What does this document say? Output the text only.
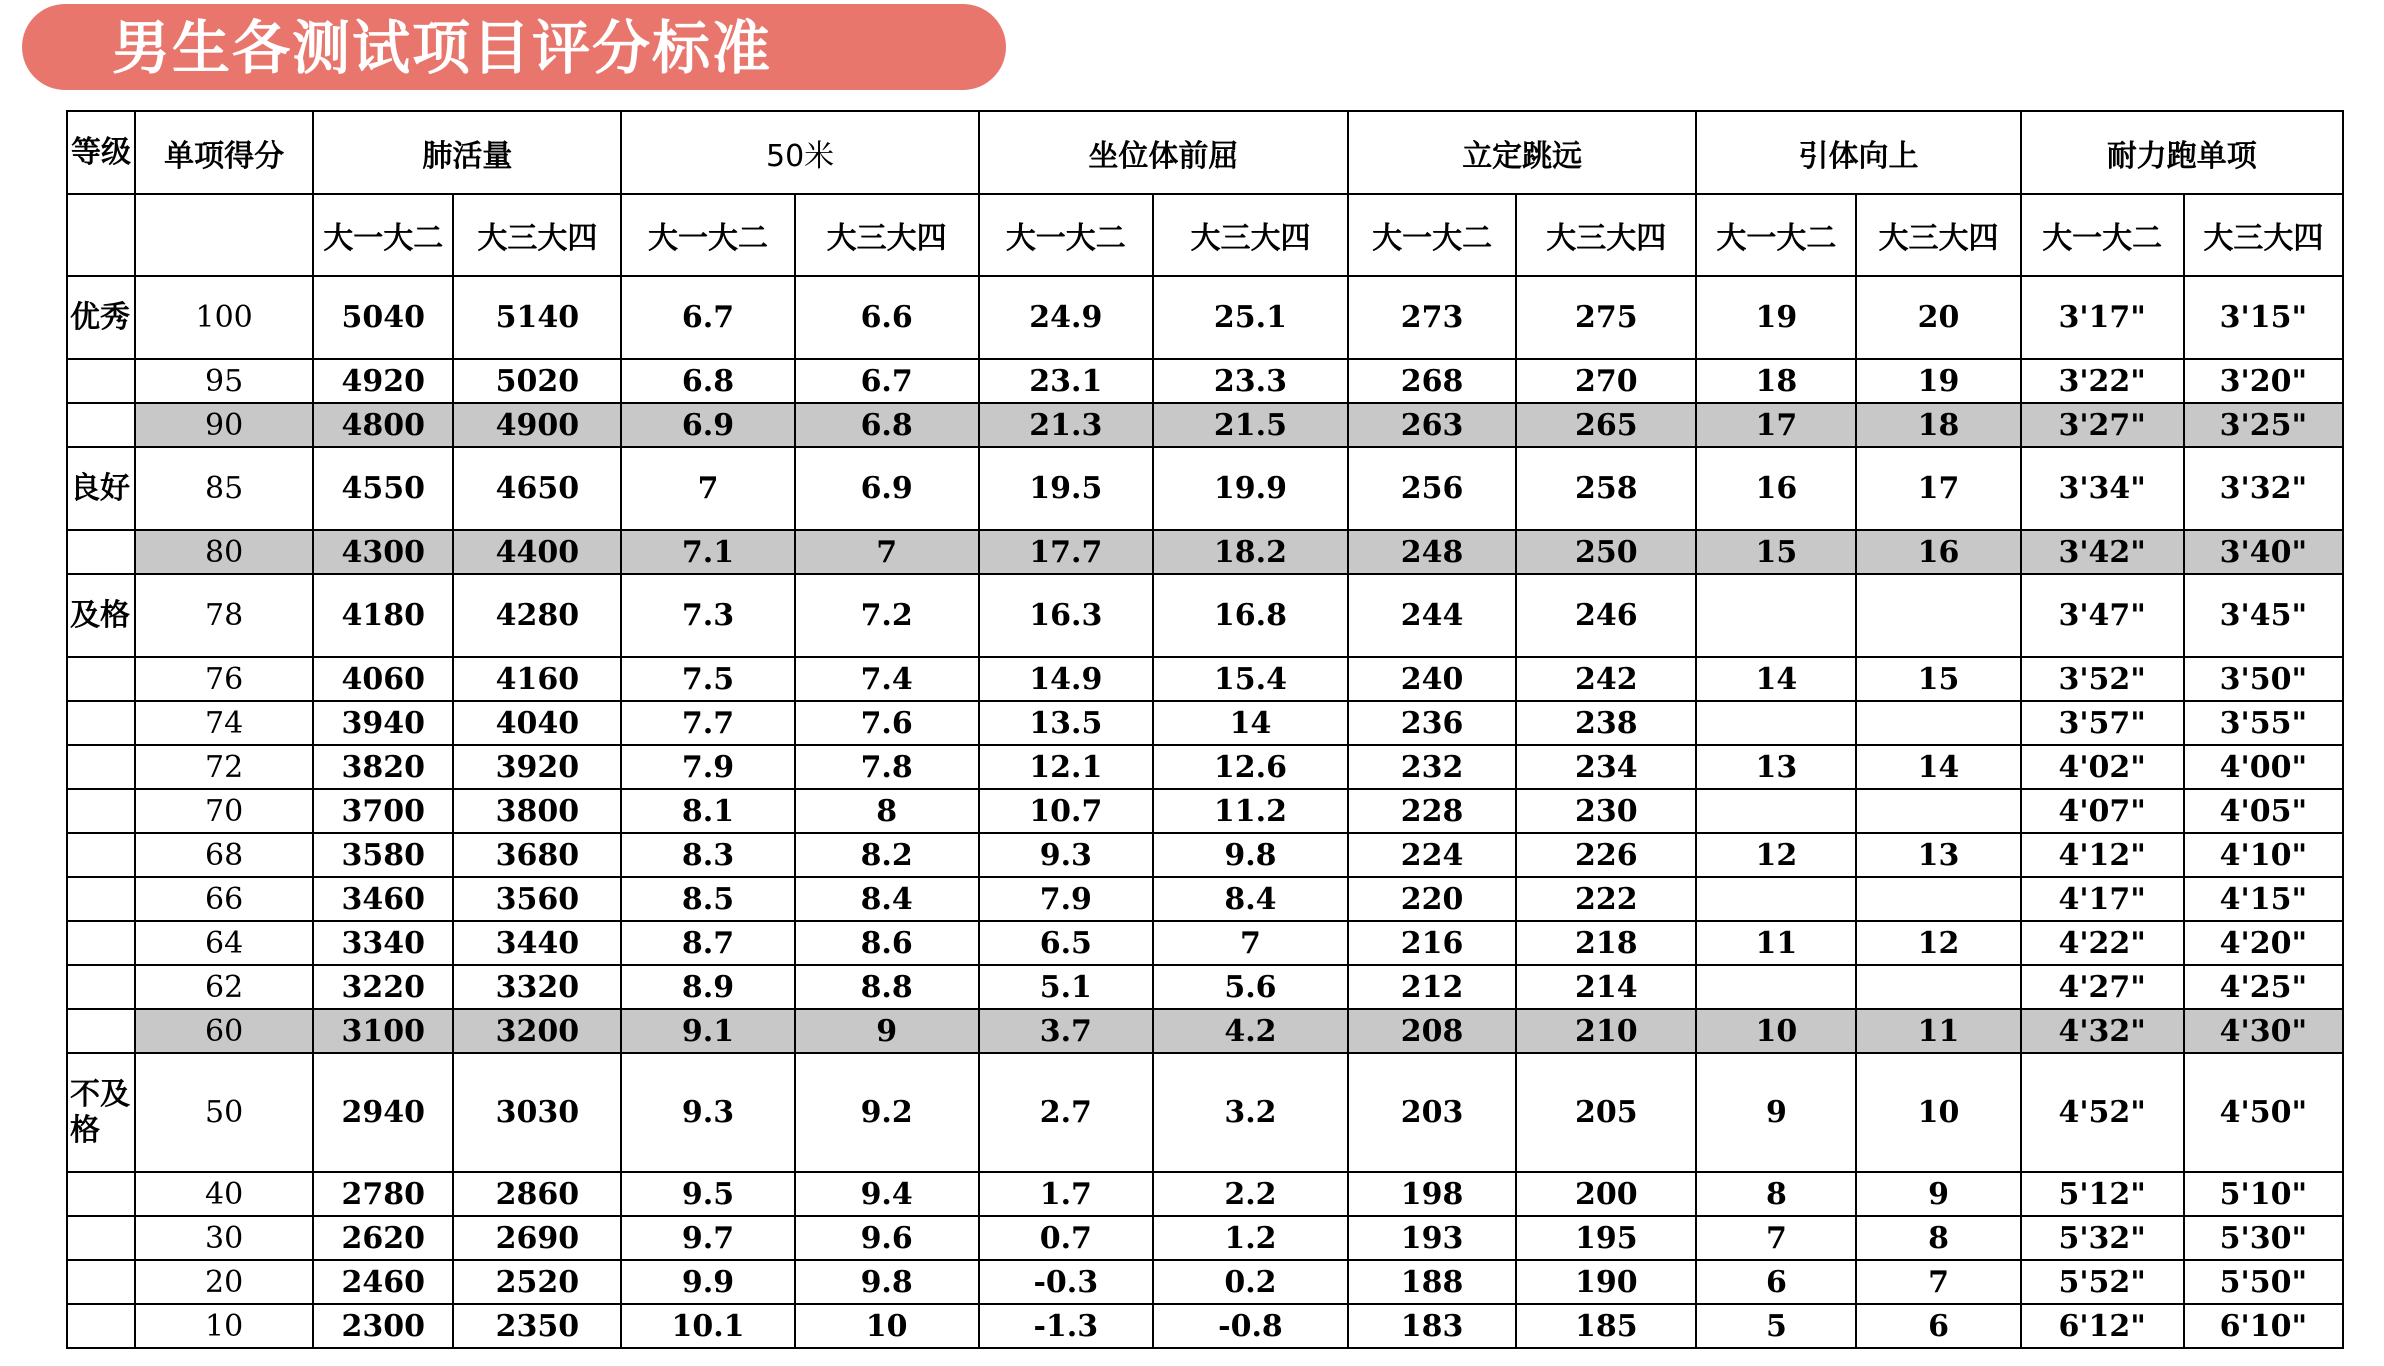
男生各测试项目评分标准
等级	单项得分	肺活量		50米		坐位体前屈		立定跳远		引体向上		耐力跑单项	
		大一大二	大三大四	大一大二	大三大四	大一大二	大三大四	大一大二	大三大四	大一大二	大三大四	大一大二	大三大四
优秀	100	5040	5140	6.7	6.6	24.9	25.1	273	275	19	20	3'17"	3'15"
	95	4920	5020	6.8	6.7	23.1	23.3	268	270	18	19	3'22"	3'20"
	90	4800	4900	6.9	6.8	21.3	21.5	263	265	17	18	3'27"	3'25"
良好	85	4550	4650	7	6.9	19.5	19.9	256	258	16	17	3'34"	3'32"
	80	4300	4400	7.1	7	17.7	18.2	248	250	15	16	3'42"	3'40"
及格	78	4180	4280	7.3	7.2	16.3	16.8	244	246			3'47"	3'45"
	76	4060	4160	7.5	7.4	14.9	15.4	240	242	14	15	3'52"	3'50"
	74	3940	4040	7.7	7.6	13.5	14	236	238			3'57"	3'55"
	72	3820	3920	7.9	7.8	12.1	12.6	232	234	13	14	4'02"	4'00"
	70	3700	3800	8.1	8	10.7	11.2	228	230			4'07"	4'05"
	68	3580	3680	8.3	8.2	9.3	9.8	224	226	12	13	4'12"	4'10"
	66	3460	3560	8.5	8.4	7.9	8.4	220	222			4'17"	4'15"
	64	3340	3440	8.7	8.6	6.5	7	216	218	11	12	4'22"	4'20"
	62	3220	3320	8.9	8.8	5.1	5.6	212	214			4'27"	4'25"
	60	3100	3200	9.1	9	3.7	4.2	208	210	10	11	4'32"	4'30"
不及格	50	2940	3030	9.3	9.2	2.7	3.2	203	205	9	10	4'52"	4'50"
	40	2780	2860	9.5	9.4	1.7	2.2	198	200	8	9	5'12"	5'10"
	30	2620	2690	9.7	9.6	0.7	1.2	193	195	7	8	5'32"	5'30"
	20	2460	2520	9.9	9.8	-0.3	0.2	188	190	6	7	5'52"	5'50"
	10	2300	2350	10.1	10	-1.3	-0.8	183	185	5	6	6'12"	6'10"
